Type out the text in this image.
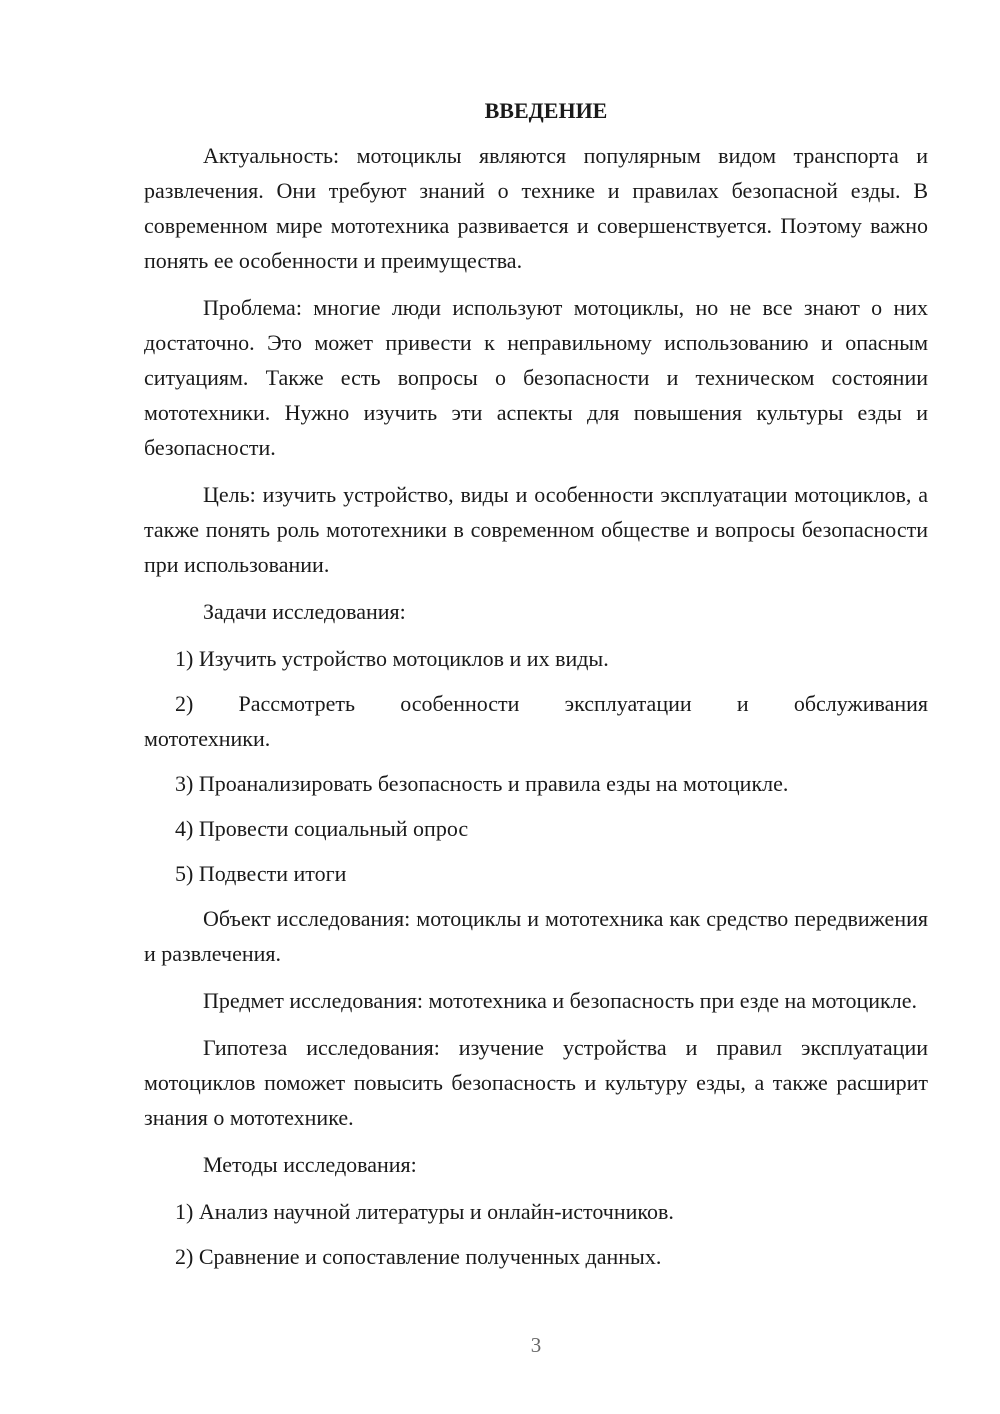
ВВЕДЕНИЕ

Актуальность: мотоциклы являются популярным видом транспорта и развлечения. Они требуют знаний о технике и правилах безопасной езды. В современном мире мототехника развивается и совершенствуется. Поэтому важно понять ее особенности и преимущества.

Проблема: многие люди используют мотоциклы, но не все знают о них достаточно. Это может привести к неправильному использованию и опасным ситуациям. Также есть вопросы о безопасности и техническом состоянии мототехники. Нужно изучить эти аспекты для повышения культуры езды и безопасности.

Цель: изучить устройство, виды и особенности эксплуатации мотоциклов, а также понять роль мототехники в современном обществе и вопросы безопасности при использовании.

Задачи исследования:

1) Изучить устройство мотоциклов и их виды.

2) Рассмотреть особенности эксплуатации и обслуживания мототехники.

3) Проанализировать безопасность и правила езды на мотоцикле.

4) Провести социальный опрос

5) Подвести итоги

Объект исследования: мотоциклы и мототехника как средство передвижения и развлечения.

Предмет исследования: мототехника и безопасность при езде на мотоцикле.

Гипотеза исследования: изучение устройства и правил эксплуатации мотоциклов поможет повысить безопасность и культуру езды, а также расширит знания о мототехнике.

Методы исследования:

1) Анализ научной литературы и онлайн-источников.

2) Сравнение и сопоставление полученных данных.

3
